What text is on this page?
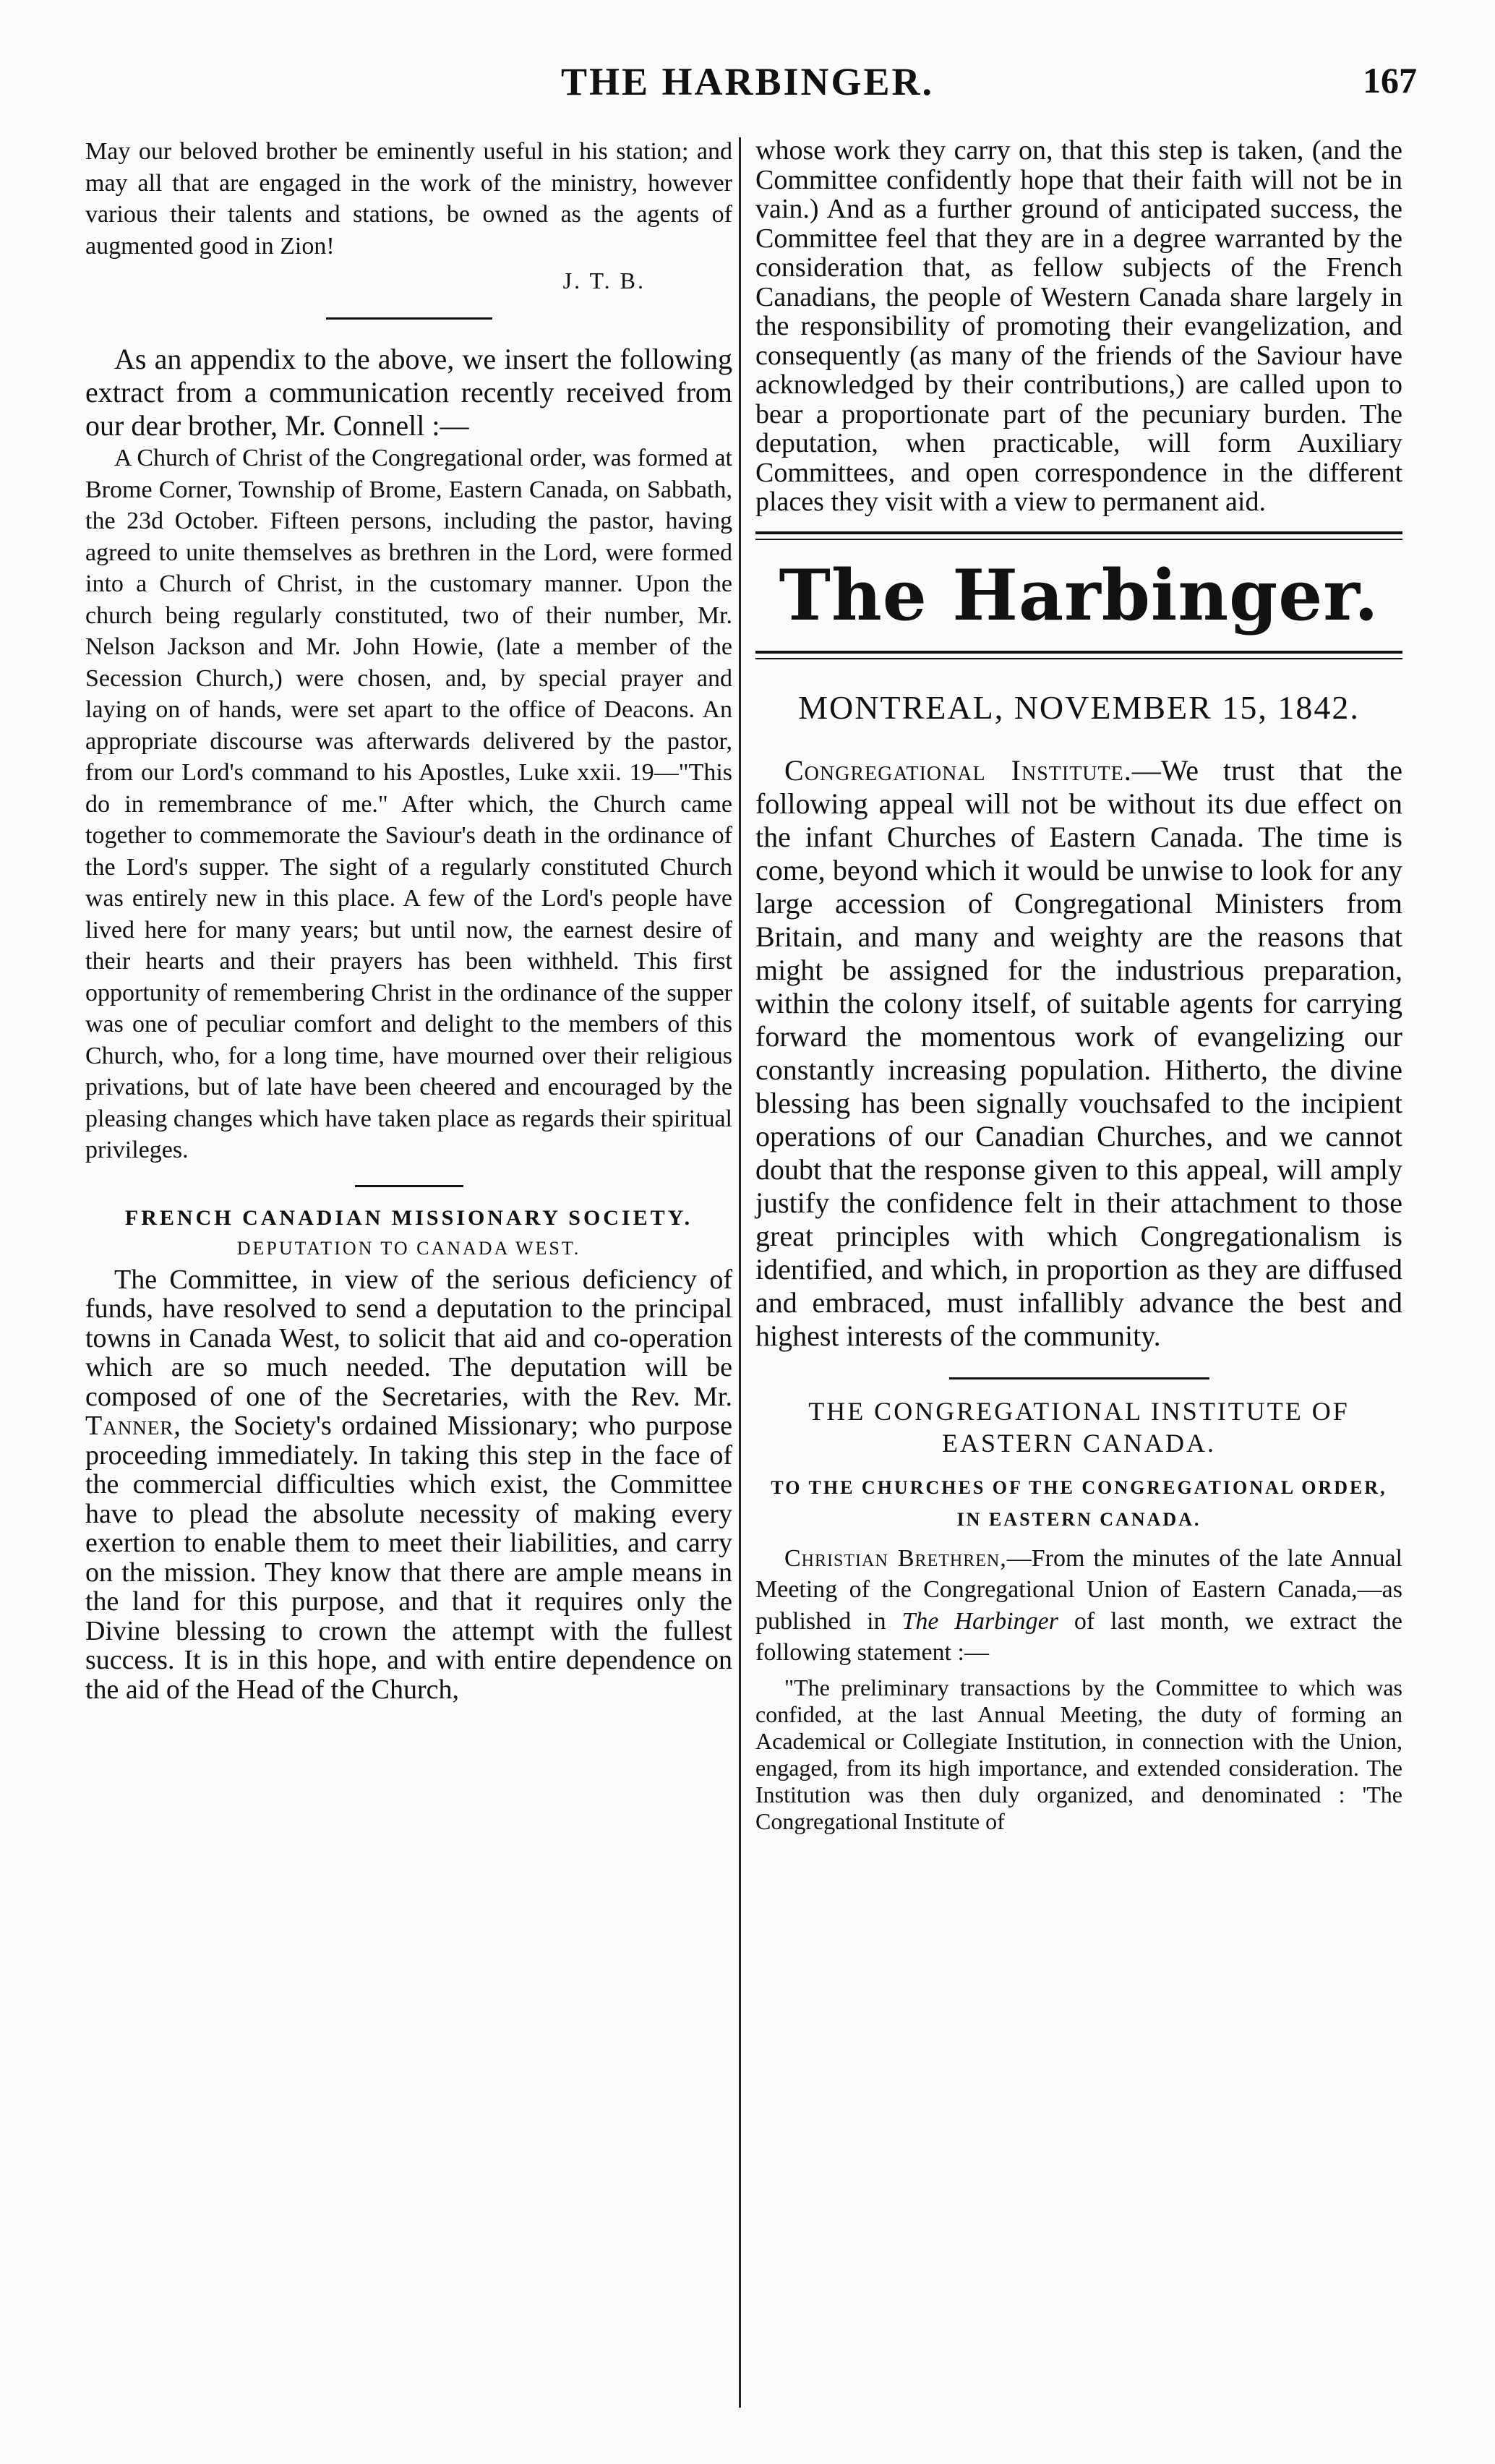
THE HARBINGER.	167

May our beloved brother be eminently useful in his station; and may all that are engaged in the work of the ministry, however various their talents and stations, be owned as the agents of augmented good in Zion!

J. T. B.

As an appendix to the above, we insert the following extract from a communication recently received from our dear brother, Mr. Connell :—

A Church of Christ of the Congregational order, was formed at Brome Corner, Township of Brome, Eastern Canada, on Sabbath, the 23d October. Fifteen persons, including the pastor, having agreed to unite themselves as brethren in the Lord, were formed into a Church of Christ, in the customary manner. Upon the church being regularly constituted, two of their number, Mr. Nelson Jackson and Mr. John Howie, (late a member of the Secession Church,) were chosen, and, by special prayer and laying on of hands, were set apart to the office of Deacons. An appropriate discourse was afterwards delivered by the pastor, from our Lord's command to his Apostles, Luke xxii. 19—"This do in remembrance of me." After which, the Church came together to commemorate the Saviour's death in the ordinance of the Lord's supper. The sight of a regularly constituted Church was entirely new in this place. A few of the Lord's people have lived here for many years; but until now, the earnest desire of their hearts and their prayers has been withheld. This first opportunity of remembering Christ in the ordinance of the supper was one of peculiar comfort and delight to the members of this Church, who, for a long time, have mourned over their religious privations, but of late have been cheered and encouraged by the pleasing changes which have taken place as regards their spiritual privileges.

FRENCH CANADIAN MISSIONARY SOCIETY.
DEPUTATION TO CANADA WEST.

The Committee, in view of the serious deficiency of funds, have resolved to send a deputation to the principal towns in Canada West, to solicit that aid and co-operation which are so much needed. The deputation will be composed of one of the Secretaries, with the Rev. Mr. Tanner, the Society's ordained Missionary; who purpose proceeding immediately. In taking this step in the face of the commercial difficulties which exist, the Committee have to plead the absolute necessity of making every exertion to enable them to meet their liabilities, and carry on the mission. They know that there are ample means in the land for this purpose, and that it requires only the Divine blessing to crown the attempt with the fullest success. It is in this hope, and with entire dependence on the aid of the Head of the Church,

whose work they carry on, that this step is taken, (and the Committee confidently hope that their faith will not be in vain.) And as a further ground of anticipated success, the Committee feel that they are in a degree warranted by the consideration that, as fellow subjects of the French Canadians, the people of Western Canada share largely in the responsibility of promoting their evangelization, and consequently (as many of the friends of the Saviour have acknowledged by their contributions,) are called upon to bear a proportionate part of the pecuniary burden. The deputation, when practicable, will form Auxiliary Committees, and open correspondence in the different places they visit with a view to permanent aid.

The Harbinger.
MONTREAL, NOVEMBER 15, 1842.

Congregational Institute.—We trust that the following appeal will not be without its due effect on the infant Churches of Eastern Canada. The time is come, beyond which it would be unwise to look for any large accession of Congregational Ministers from Britain, and many and weighty are the reasons that might be assigned for the industrious preparation, within the colony itself, of suitable agents for carrying forward the momentous work of evangelizing our constantly increasing population. Hitherto, the divine blessing has been signally vouchsafed to the incipient operations of our Canadian Churches, and we cannot doubt that the response given to this appeal, will amply justify the confidence felt in their attachment to those great principles with which Congregationalism is identified, and which, in proportion as they are diffused and embraced, must infallibly advance the best and highest interests of the community.

THE CONGREGATIONAL INSTITUTE OF EASTERN CANADA.
TO THE CHURCHES OF THE CONGREGATIONAL ORDER, IN EASTERN CANADA.

Christian Brethren,—From the minutes of the late Annual Meeting of the Congregational Union of Eastern Canada,—as published in The Harbinger of last month, we extract the following statement :—

"The preliminary transactions by the Committee to which was confided, at the last Annual Meeting, the duty of forming an Academical or Collegiate Institution, in connection with the Union, engaged, from its high importance, and extended consideration. The Institution was then duly organized, and denominated : 'The Congregational Institute of
